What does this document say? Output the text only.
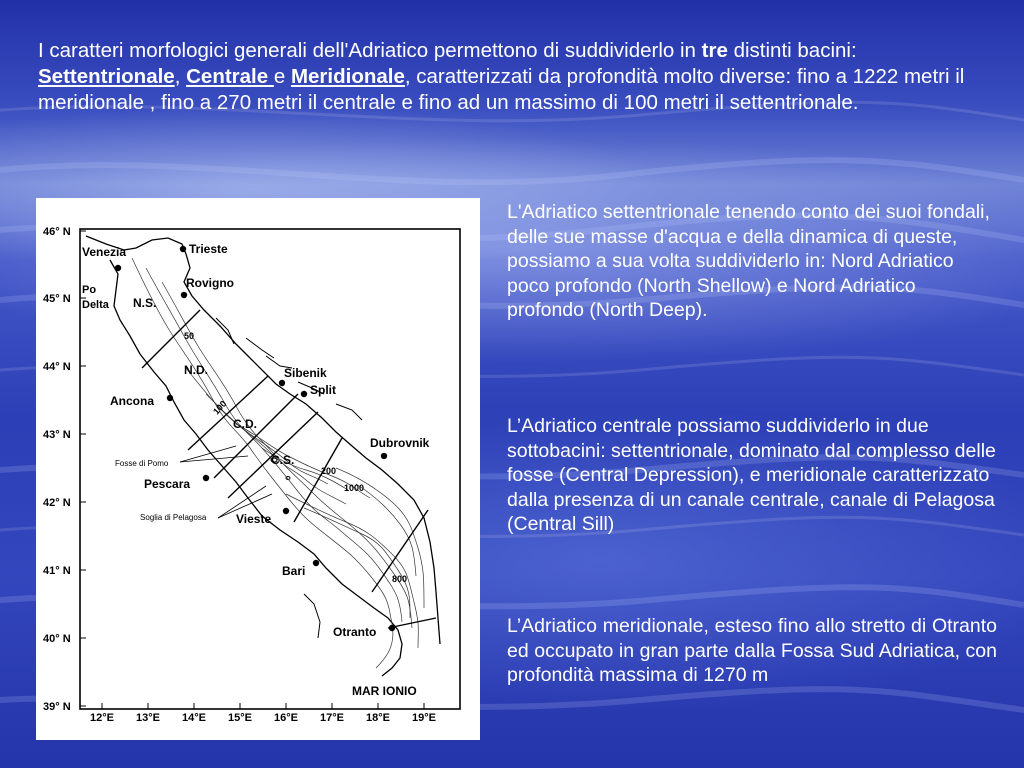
I caratteri morfologici generali dell'Adriatico permettono di suddividerlo in tre distinti bacini: Settentrionale, Centrale e Meridionale, caratterizzati da profondità molto diverse: fino a 1222 metri il meridionale , fino a 270 metri il centrale e fino ad un massimo di 100 metri il settentrionale.

46° N
45° N
44° N
43° N
42° N
41° N
40° N
39° N
12°E 13°E 14°E 15°E 16°E 17°E 18°E 19°E
Venezia	Trieste
Rovigno
Po
Delta N.S.
N.D.
Ancona
Sibenik
Split
C.D.
Dubrovnik
C.S.
Pescara
Vieste
Bari
Otranto
MAR IONIO
Fosse di Pomo
Soglia di Pelagosa
50
100
200
1000
800

L'Adriatico settentrionale tenendo conto dei suoi fondali, delle sue masse d'acqua e della dinamica di queste, possiamo a sua volta suddividerlo in: Nord Adriatico poco profondo (North Shellow) e Nord Adriatico profondo (North Deep).

L’Adriatico centrale possiamo suddividerlo in due sottobacini: settentrionale, dominato dal complesso delle fosse (Central Depression), e meridionale caratterizzato dalla presenza di un canale centrale, canale di Pelagosa (Central Sill)

L’Adriatico meridionale, esteso fino allo stretto di Otranto ed occupato in gran parte dalla Fossa Sud Adriatica, con profondità massima di 1270 m
